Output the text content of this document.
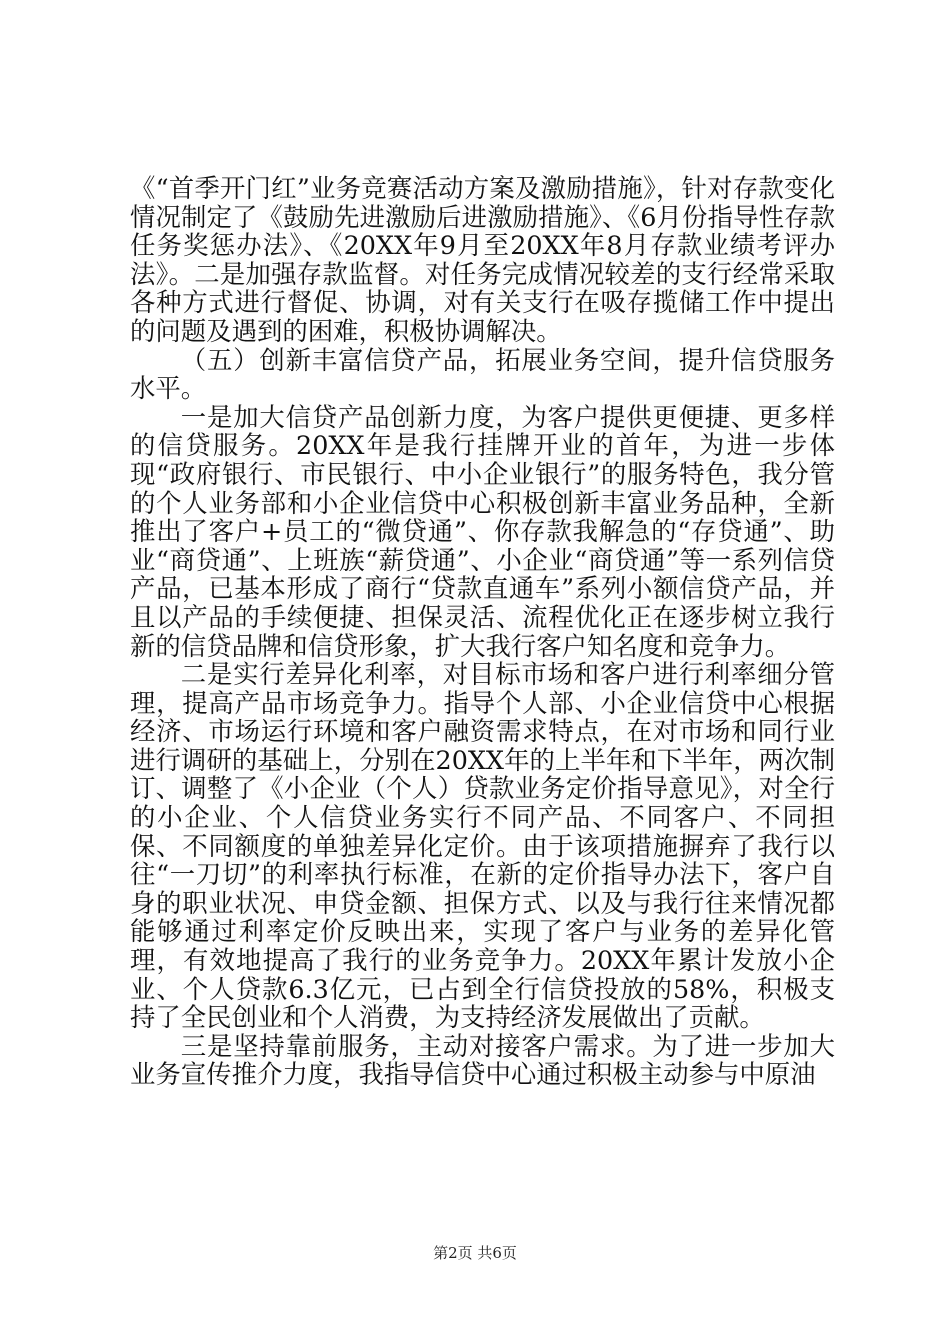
《“首季开门红”业务竞赛活动方案及激励措施》，针对存款变化情况制定了《鼓励先进激励后进激励措施》、《6月份指导性存款任务奖惩办法》、《20XX年9月至20XX年8月存款业绩考评办法》。二是加强存款监督。对任务完成情况较差的支行经常采取各种方式进行督促、协调，对有关支行在吸存揽储工作中提出的问题及遇到的困难，积极协调解决。

（五）创新丰富信贷产品，拓展业务空间，提升信贷服务水平。

一是加大信贷产品创新力度，为客户提供更便捷、更多样的信贷服务。20XX年是我行挂牌开业的首年，为进一步体现“政府银行、市民银行、中小企业银行”的服务特色，我分管的个人业务部和小企业信贷中心积极创新丰富业务品种，全新推出了客户+员工的“微贷通”、你存款我解急的“存贷通”、助业“商贷通”、上班族“薪贷通”、小企业“商贷通”等一系列信贷产品，已基本形成了商行“贷款直通车”系列小额信贷产品，并且以产品的手续便捷、担保灵活、流程优化正在逐步树立我行新的信贷品牌和信贷形象，扩大我行客户知名度和竞争力。

二是实行差异化利率，对目标市场和客户进行利率细分管理，提高产品市场竞争力。指导个人部、小企业信贷中心根据经济、市场运行环境和客户融资需求特点，在对市场和同行业进行调研的基础上，分别在20XX年的上半年和下半年，两次制订、调整了《小企业（个人）贷款业务定价指导意见》，对全行的小企业、个人信贷业务实行不同产品、不同客户、不同担保、不同额度的单独差异化定价。由于该项措施摒弃了我行以往“一刀切”的利率执行标准，在新的定价指导办法下，客户自身的职业状况、申贷金额、担保方式、以及与我行往来情况都能够通过利率定价反映出来，实现了客户与业务的差异化管理，有效地提高了我行的业务竞争力。20XX年累计发放小企业、个人贷款6.3亿元，已占到全行信贷投放的58%，积极支持了全民创业和个人消费，为支持经济发展做出了贡献。

三是坚持靠前服务，主动对接客户需求。为了进一步加大业务宣传推介力度，我指导信贷中心通过积极主动参与中原油

第2页 共6页
